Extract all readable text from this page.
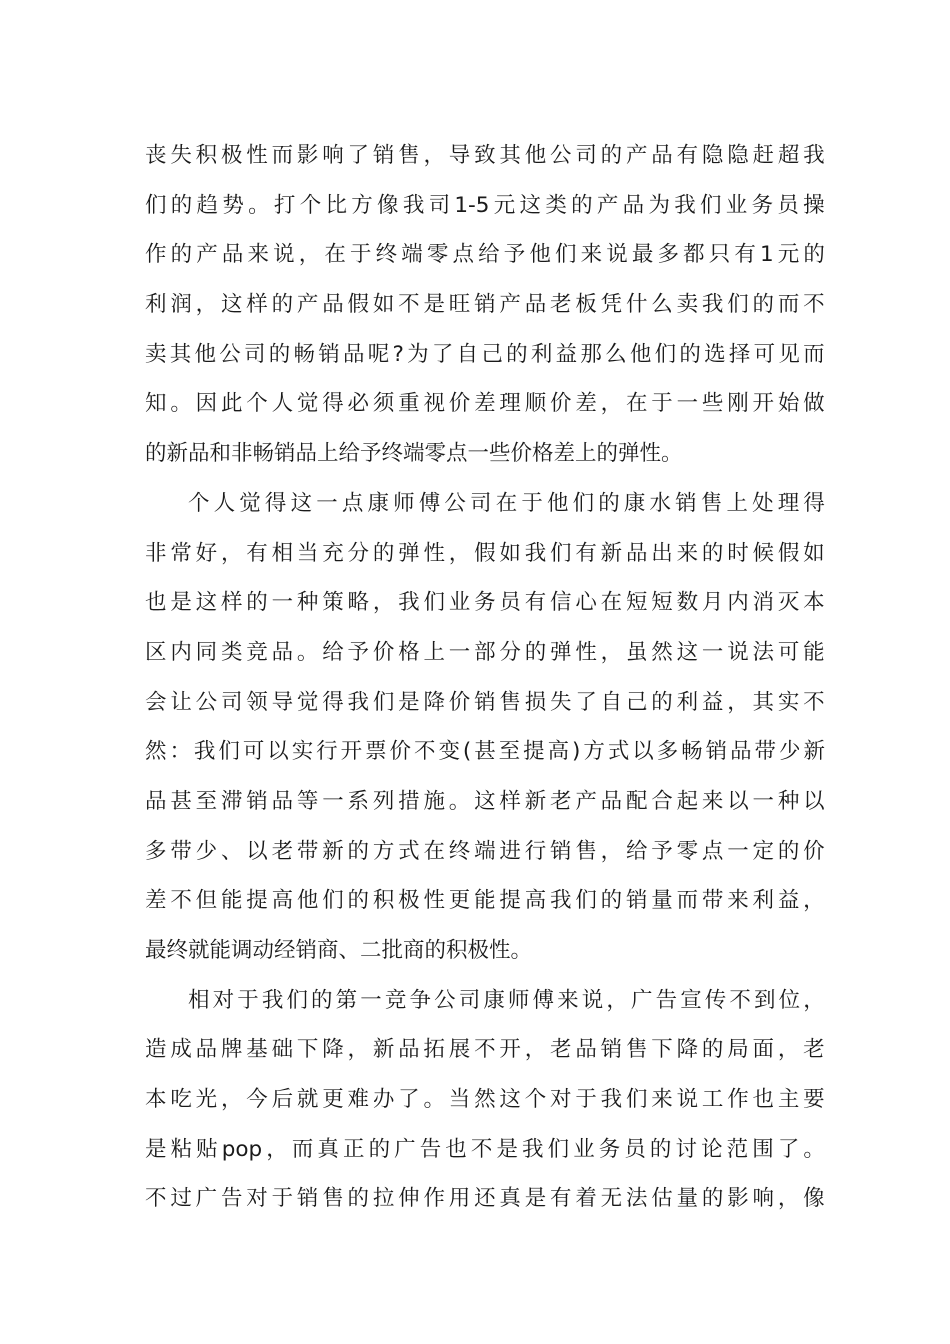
丧 失 积 极 性 而 影 响 了 销 售 ， 导 致 其 他 公 司 的 产 品 有 隐 隐 赶 超 我
们 的 趋 势 。 打 个 比 方 像 我 司 1-5 元 这 类 的 产 品 为 我 们 业 务 员 操
作 的 产 品 来 说 ， 在 于 终 端 零 点 给 予 他 们 来 说 最 多 都 只 有 1 元 的
利 润 ， 这 样 的 产 品 假 如 不 是 旺 销 产 品 老 板 凭 什 么 卖 我 们 的 而 不
卖 其 他 公 司 的 畅 销 品 呢 ? 为 了 自 己 的 利 益 那 么 他 们 的 选 择 可 见 而
知 。 因 此 个 人 觉 得 必 须 重 视 价 差 理 顺 价 差 ， 在 于 一 些 刚 开 始 做
的新品和非畅销品上给予终端零点一些价格差上的弹性。
个 人 觉 得 这 一 点 康 师 傅 公 司 在 于 他 们 的 康 水 销 售 上 处 理 得
非 常 好 ， 有 相 当 充 分 的 弹 性 ， 假 如 我 们 有 新 品 出 来 的 时 候 假 如
也 是 这 样 的 一 种 策 略 ， 我 们 业 务 员 有 信 心 在 短 短 数 月 内 消 灭 本
区 内 同 类 竞 品 。 给 予 价 格 上 一 部 分 的 弹 性 ， 虽 然 这 一 说 法 可 能
会 让 公 司 领 导 觉 得 我 们 是 降 价 销 售 损 失 了 自 己 的 利 益 ， 其 实 不
然 ： 我 们 可 以 实 行 开 票 价 不 变 ( 甚 至 提 高 ) 方 式 以 多 畅 销 品 带 少 新
品 甚 至 滞 销 品 等 一 系 列 措 施 。 这 样 新 老 产 品 配 合 起 来 以 一 种 以
多 带 少 、 以 老 带 新 的 方 式 在 终 端 进 行 销 售 ， 给 予 零 点 一 定 的 价
差 不 但 能 提 高 他 们 的 积 极 性 更 能 提 高 我 们 的 销 量 而 带 来 利 益 ，
最终就能调动经销商、二批商的积极性。
相 对 于 我 们 的 第 一 竞 争 公 司 康 师 傅 来 说 ， 广 告 宣 传 不 到 位 ，
造 成 品 牌 基 础 下 降 ， 新 品 拓 展 不 开 ， 老 品 销 售 下 降 的 局 面 ， 老
本 吃 光 ， 今 后 就 更 难 办 了 。 当 然 这 个 对 于 我 们 来 说 工 作 也 主 要
是 粘 贴 pop ， 而 真 正 的 广 告 也 不 是 我 们 业 务 员 的 讨 论 范 围 了 。
不 过 广 告 对 于 销 售 的 拉 伸 作 用 还 真 是 有 着 无 法 估 量 的 影 响 ， 像
